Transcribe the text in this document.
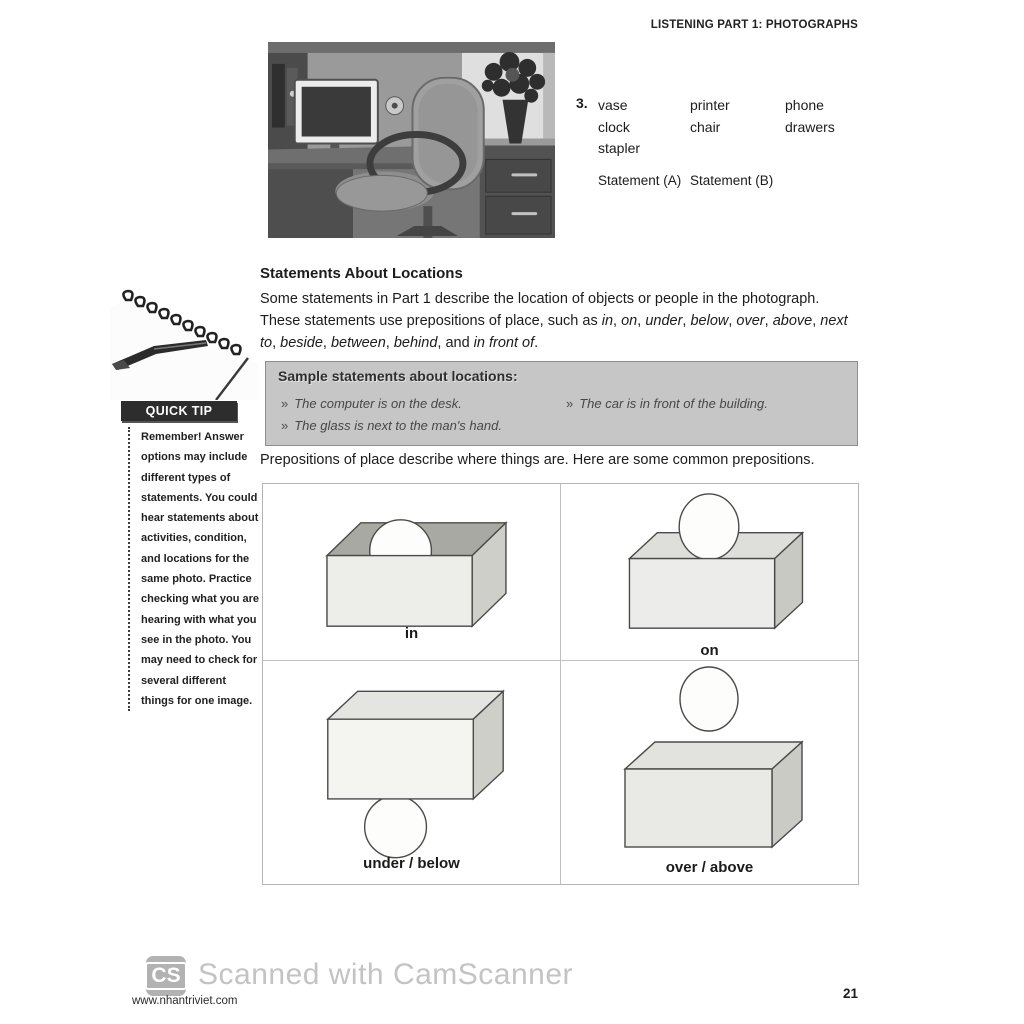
LISTENING PART 1: PHOTOGRAPHS
3. vase
clock
stapler
printer
chair
phone
drawers
Statement (A) Statement (B)
QUICK TIP
Remember! Answer options may include different types of statements. You could hear statements about activities, condition, and locations for the same photo. Practice checking what you are hearing with what you see in the photo. You may need to check for several different things for one image.
Statements About Locations

Some statements in Part 1 describe the location of objects or people in the photograph. These statements use prepositions of place, such as in, on, under, below, over, above, next to, beside, between, behind, and in front of.

Sample statements about locations:
» The computer is on the desk.
» The glass is next to the man's hand.
» The car is in front of the building.

Prepositions of place describe where things are. Here are some common prepositions.

in
on
under / below	over / above
CS Scanned with CamScanner
www.nhantriviet.com	21
